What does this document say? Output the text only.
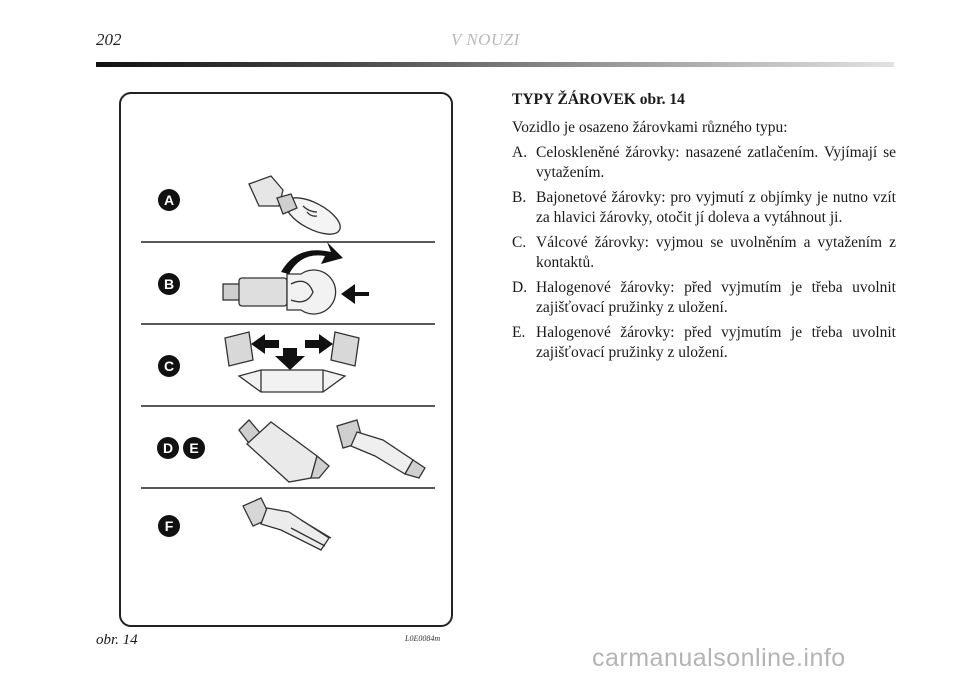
202	V NOUZI
A
B
C
D E
F
obr. 14	L0E0084m
TYPY ŽÁROVEK obr. 14
Vozidlo je osazeno žárovkami různého typu:
A. Celoskleněné žárovky: nasazené zatlačením. Vyjímají se vytažením.
B. Bajonetové žárovky: pro vyjmutí z objímky je nutno vzít za hlavici žárovky, otočit jí doleva a vytáhnout ji.
C. Válcové žárovky: vyjmou se uvolněním a vytažením z kontaktů.
D. Halogenové žárovky: před vyjmutím je třeba uvolnit zajišťovací pružinky z uložení.
E. Halogenové žárovky: před vyjmutím je třeba uvolnit zajišťovací pružinky z uložení.
carmanualsonline.info
